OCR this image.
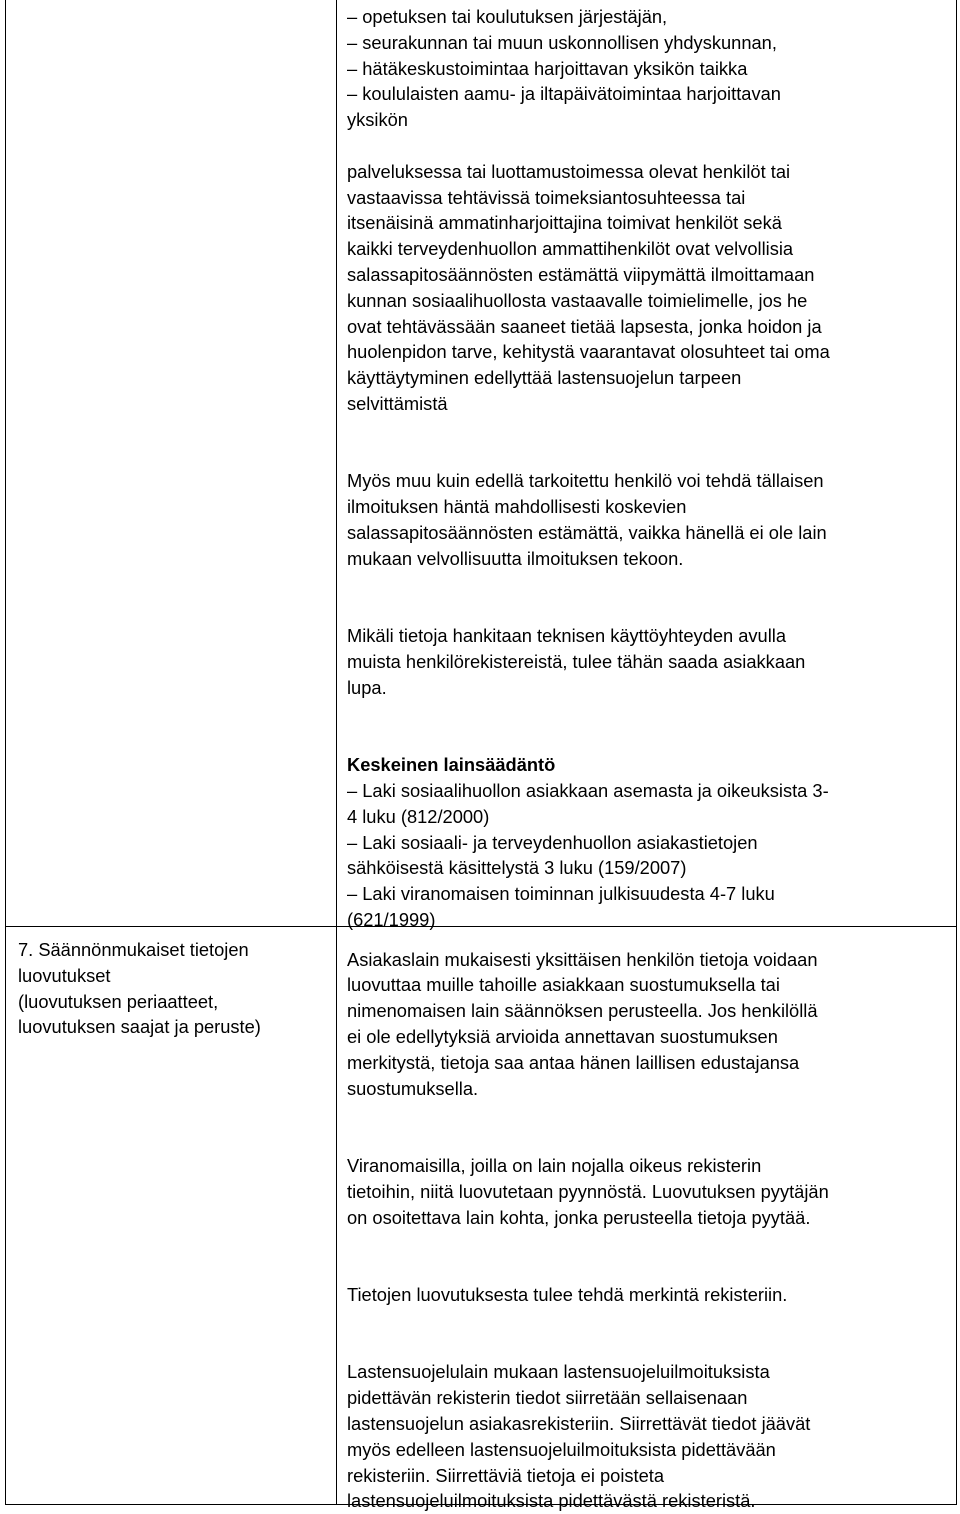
– opetuksen tai koulutuksen järjestäjän,
– seurakunnan tai muun uskonnollisen yhdyskunnan,
– hätäkeskustoimintaa harjoittavan yksikön taikka
– koululaisten aamu- ja iltapäivätoimintaa harjoittavan
yksikön
palveluksessa tai luottamustoimessa olevat henkilöt tai
vastaavissa tehtävissä toimeksiantosuhteessa tai
itsenäisinä ammatinharjoittajina toimivat henkilöt sekä
kaikki terveydenhuollon ammattihenkilöt ovat velvollisia
salassapitosäännösten estämättä viipymättä ilmoittamaan
kunnan sosiaalihuollosta vastaavalle toimielimelle, jos he
ovat tehtävässään saaneet tietää lapsesta, jonka hoidon ja
huolenpidon tarve, kehitystä vaarantavat olosuhteet tai oma
käyttäytyminen edellyttää lastensuojelun tarpeen
selvittämistä
Myös muu kuin edellä tarkoitettu henkilö voi tehdä tällaisen
ilmoituksen häntä mahdollisesti koskevien
salassapitosäännösten estämättä, vaikka hänellä ei ole lain
mukaan velvollisuutta ilmoituksen tekoon.
Mikäli tietoja hankitaan teknisen käyttöyhteyden avulla
muista henkilörekistereistä, tulee tähän saada asiakkaan
lupa.
Keskeinen lainsäädäntö
– Laki sosiaalihuollon asiakkaan asemasta ja oikeuksista 3-
4 luku (812/2000)
– Laki sosiaali- ja terveydenhuollon asiakastietojen
sähköisestä käsittelystä 3 luku (159/2007)
– Laki viranomaisen toiminnan julkisuudesta 4-7 luku
(621/1999)
Asiakaslain mukaisesti yksittäisen henkilön tietoja voidaan
luovuttaa muille tahoille asiakkaan suostumuksella tai
nimenomaisen lain säännöksen perusteella. Jos henkilöllä
ei ole edellytyksiä arvioida annettavan suostumuksen
merkitystä, tietoja saa antaa hänen laillisen edustajansa
suostumuksella.
Viranomaisilla, joilla on lain nojalla oikeus rekisterin
tietoihin, niitä luovutetaan pyynnöstä. Luovutuksen pyytäjän
on osoitettava lain kohta, jonka perusteella tietoja pyytää.
Tietojen luovutuksesta tulee tehdä merkintä rekisteriin.
Lastensuojelulain mukaan lastensuojeluilmoituksista
pidettävän rekisterin tiedot siirretään sellaisenaan
lastensuojelun asiakasrekisteriin. Siirrettävät tiedot jäävät
myös edelleen lastensuojeluilmoituksista pidettävään
rekisteriin. Siirrettäviä tietoja ei poisteta
lastensuojeluilmoituksista pidettävästä rekisteristä.
7. Säännönmukaiset tietojen
luovutukset
(luovutuksen periaatteet,
luovutuksen saajat ja peruste)
